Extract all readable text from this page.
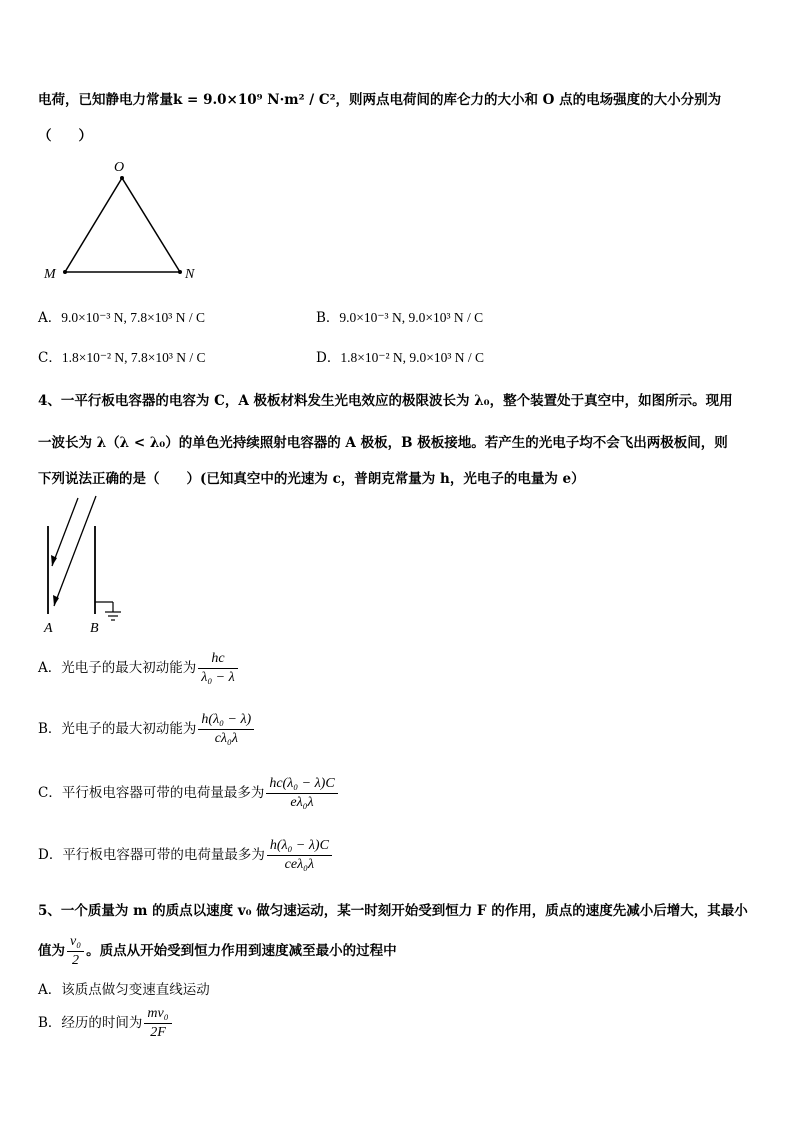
电荷，已知静电力常量k = 9.0×10⁹ N·m² / C²，则两点电荷间的库仑力的大小和 O 点的电场强度的大小分别为
（　　）
O
M	N
A．9.0×10⁻³ N, 7.8×10³ N / C	B．9.0×10⁻³ N, 9.0×10³ N / C
C．1.8×10⁻² N, 7.8×10³ N / C	D．1.8×10⁻² N, 9.0×10³ N / C
4、一平行板电容器的电容为 C，A 极板材料发生光电效应的极限波长为 λ₀，整个装置处于真空中，如图所示。现用
一波长为 λ（λ < λ₀）的单色光持续照射电容器的 A 极板，B 极板接地。若产生的光电子均不会飞出两极板间，则
下列说法正确的是（　　）(已知真空中的光速为 c，普朗克常量为 h，光电子的电量为 e）
A	B
A．光电子的最大初动能为 $\frac{hc}{\text{λ₀ − λ}}$
B．光电子的最大初动能为 $\frac{\text{h(λ₀ − λ)}}{\text{cλ₀λ}}$
C．平行板电容器可带的电荷量最多为 $\frac{\text{hc(λ₀ − λ)C}}{\text{eλ₀λ}}$
D．平行板电容器可带的电荷量最多为 $\frac{\text{h(λ₀ − λ)C}}{\text{ceλ₀λ}}$
5、一个质量为 m 的质点以速度 v₀ 做匀速运动，某一时刻开始受到恒力 F 的作用，质点的速度先减小后增大，其最小
值为 $\frac{\text{v₀}}{2}$ 。质点从开始受到恒力作用到速度减至最小的过程中
A．该质点做匀变速直线运动
B．经历的时间为 $\frac{\text{mv₀}}{2F}$
